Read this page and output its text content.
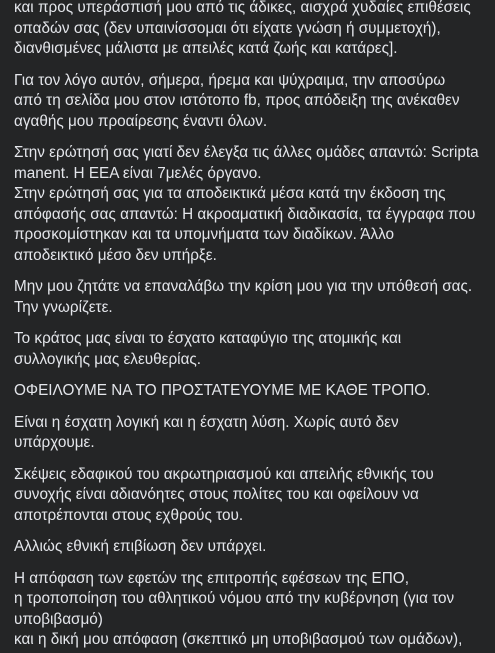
και προς υπεράσπισή μου από τις άδικες, αισχρά χυδαίες επιθέσεις
οπαδών σας (δεν υπαινίσσομαι ότι είχατε γνώση ή συμμετοχή),
διανθισμένες μάλιστα με απειλές κατά ζωής και κατάρες].
Για τον λόγο αυτόν, σήμερα, ήρεμα και ψύχραιμα, την αποσύρω
από τη σελίδα μου στον ιστότοπο fb, προς απόδειξη της ανέκαθεν
αγαθής μου προαίρεσης έναντι όλων.
Στην ερώτησή σας γιατί δεν έλεγξα τις άλλες ομάδες απαντώ: Scripta
manent. Η ΕΕΑ είναι 7μελές όργανο.
Στην ερώτησή σας για τα αποδεικτικά μέσα κατά την έκδοση της
απόφασής σας απαντώ: Η ακροαματική διαδικασία, τα έγγραφα που
προσκομίστηκαν και τα υπομνήματα των διαδίκων. Άλλο
αποδεικτικό μέσο δεν υπήρξε.
Μην μου ζητάτε να επαναλάβω την κρίση μου για την υπόθεσή σας.
Την γνωρίζετε.
Το κράτος μας είναι το έσχατο καταφύγιο της ατομικής και
συλλογικής μας ελευθερίας.
ΟΦΕΙΛΟΥΜΕ ΝΑ ΤΟ ΠΡΟΣΤΑΤΕΥΟΥΜΕ ΜΕ ΚΑΘΕ ΤΡΟΠΟ.
Είναι η έσχατη λογική και η έσχατη λύση. Χωρίς αυτό δεν
υπάρχουμε.
Σκέψεις εδαφικού του ακρωτηριασμού και απειλής εθνικής του
συνοχής είναι αδιανόητες στους πολίτες του και οφείλουν να
αποτρέπονται στους εχθρούς του.
Αλλιώς εθνική επιβίωση δεν υπάρχει.
Η απόφαση των εφετών της επιτροπής εφέσεων της ΕΠΟ,
η τροποποίηση του αθλητικού νόμου από την κυβέρνηση (για τον
υποβιβασμό)
και η δική μου απόφαση (σκεπτικό μη υποβιβασμού των ομάδων),
